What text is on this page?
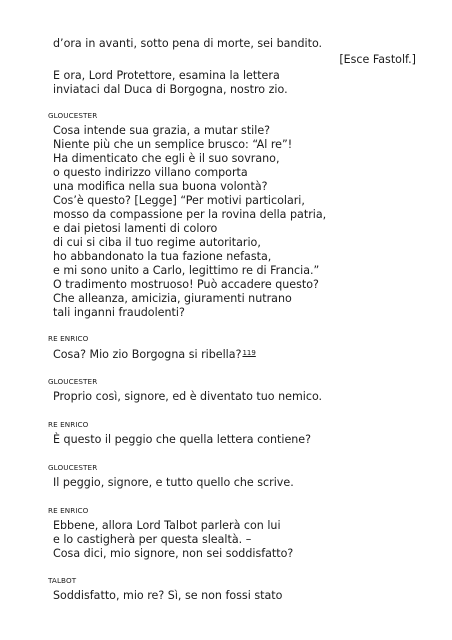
d’ora in avanti, sotto pena di morte, sei bandito.
[Esce Fastolf.]
E ora, Lord Protettore, esamina la lettera
inviataci dal Duca di Borgogna, nostro zio.
GLOUCESTER
Cosa intende sua grazia, a mutar stile?
Niente più che un semplice brusco: “Al re”!
Ha dimenticato che egli è il suo sovrano,
o questo indirizzo villano comporta
una modifica nella sua buona volontà?
Cos’è questo? [Legge] “Per motivi particolari,
mosso da compassione per la rovina della patria,
e dai pietosi lamenti di coloro
di cui si ciba il tuo regime autoritario,
ho abbandonato la tua fazione nefasta,
e mi sono unito a Carlo, legittimo re di Francia.”
O tradimento mostruoso! Può accadere questo?
Che alleanza, amicizia, giuramenti nutrano
tali inganni fraudolenti?
RE ENRICO
Cosa? Mio zio Borgogna si ribella?$^{119}$
GLOUCESTER
Proprio così, signore, ed è diventato tuo nemico.
RE ENRICO
È questo il peggio che quella lettera contiene?
GLOUCESTER
Il peggio, signore, e tutto quello che scrive.
RE ENRICO
Ebbene, allora Lord Talbot parlerà con lui
e lo castigherà per questa slealtà. –
Cosa dici, mio signore, non sei soddisfatto?
TALBOT
Soddisfatto, mio re? Sì, se non fossi stato
